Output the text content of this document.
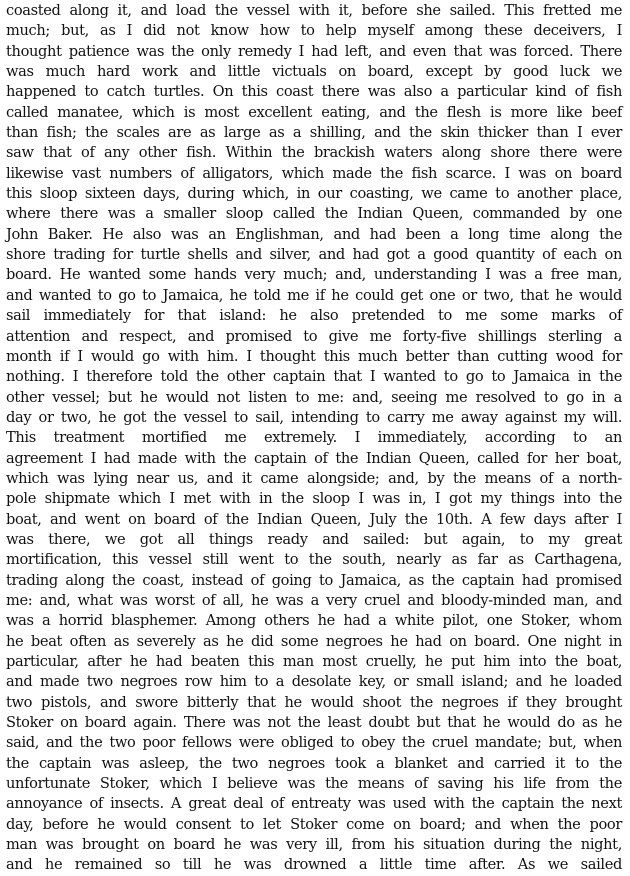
coasted along it, and load the vessel with it, before she sailed. This fretted me
much; but, as I did not know how to help myself among these deceivers, I
thought patience was the only remedy I had left, and even that was forced. There
was much hard work and little victuals on board, except by good luck we
happened to catch turtles. On this coast there was also a particular kind of fish
called manatee, which is most excellent eating, and the flesh is more like beef
than fish; the scales are as large as a shilling, and the skin thicker than I ever
saw that of any other fish. Within the brackish waters along shore there were
likewise vast numbers of alligators, which made the fish scarce. I was on board
this sloop sixteen days, during which, in our coasting, we came to another place,
where there was a smaller sloop called the Indian Queen, commanded by one
John Baker. He also was an Englishman, and had been a long time along the
shore trading for turtle shells and silver, and had got a good quantity of each on
board. He wanted some hands very much; and, understanding I was a free man,
and wanted to go to Jamaica, he told me if he could get one or two, that he would
sail immediately for that island: he also pretended to me some marks of
attention and respect, and promised to give me forty-five shillings sterling a
month if I would go with him. I thought this much better than cutting wood for
nothing. I therefore told the other captain that I wanted to go to Jamaica in the
other vessel; but he would not listen to me: and, seeing me resolved to go in a
day or two, he got the vessel to sail, intending to carry me away against my will.
This treatment mortified me extremely. I immediately, according to an
agreement I had made with the captain of the Indian Queen, called for her boat,
which was lying near us, and it came alongside; and, by the means of a north-
pole shipmate which I met with in the sloop I was in, I got my things into the
boat, and went on board of the Indian Queen, July the 10th. A few days after I
was there, we got all things ready and sailed: but again, to my great
mortification, this vessel still went to the south, nearly as far as Carthagena,
trading along the coast, instead of going to Jamaica, as the captain had promised
me: and, what was worst of all, he was a very cruel and bloody-minded man, and
was a horrid blasphemer. Among others he had a white pilot, one Stoker, whom
he beat often as severely as he did some negroes he had on board. One night in
particular, after he had beaten this man most cruelly, he put him into the boat,
and made two negroes row him to a desolate key, or small island; and he loaded
two pistols, and swore bitterly that he would shoot the negroes if they brought
Stoker on board again. There was not the least doubt but that he would do as he
said, and the two poor fellows were obliged to obey the cruel mandate; but, when
the captain was asleep, the two negroes took a blanket and carried it to the
unfortunate Stoker, which I believe was the means of saving his life from the
annoyance of insects. A great deal of entreaty was used with the captain the next
day, before he would consent to let Stoker come on board; and when the poor
man was brought on board he was very ill, from his situation during the night,
and he remained so till he was drowned a little time after. As we sailed
